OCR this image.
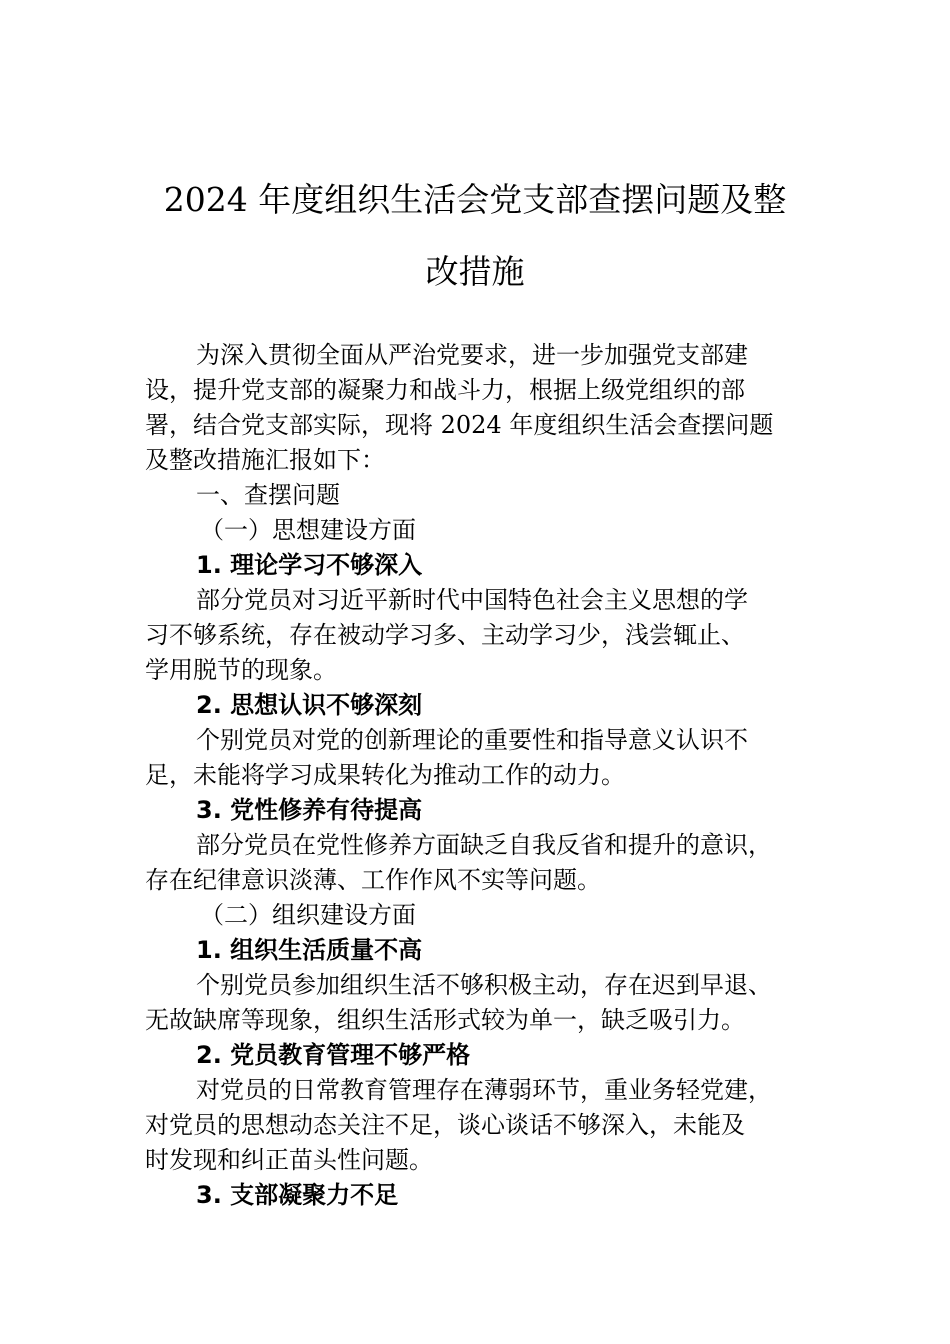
2024 年度组织生活会党支部查摆问题及整
改措施
为深入贯彻全面从严治党要求，进一步加强党支部建
设，提升党支部的凝聚力和战斗力，根据上级党组织的部
署，结合党支部实际，现将 2024 年度组织生活会查摆问题
及整改措施汇报如下：
一、查摆问题
（一）思想建设方面
1. 理论学习不够深入
部分党员对习近平新时代中国特色社会主义思想的学
习不够系统，存在被动学习多、主动学习少，浅尝辄止、
学用脱节的现象。
2. 思想认识不够深刻
个别党员对党的创新理论的重要性和指导意义认识不
足，未能将学习成果转化为推动工作的动力。
3. 党性修养有待提高
部分党员在党性修养方面缺乏自我反省和提升的意识，
存在纪律意识淡薄、工作作风不实等问题。
（二）组织建设方面
1. 组织生活质量不高
个别党员参加组织生活不够积极主动，存在迟到早退、
无故缺席等现象，组织生活形式较为单一，缺乏吸引力。
2. 党员教育管理不够严格
对党员的日常教育管理存在薄弱环节，重业务轻党建，
对党员的思想动态关注不足，谈心谈话不够深入，未能及
时发现和纠正苗头性问题。
3. 支部凝聚力不足
